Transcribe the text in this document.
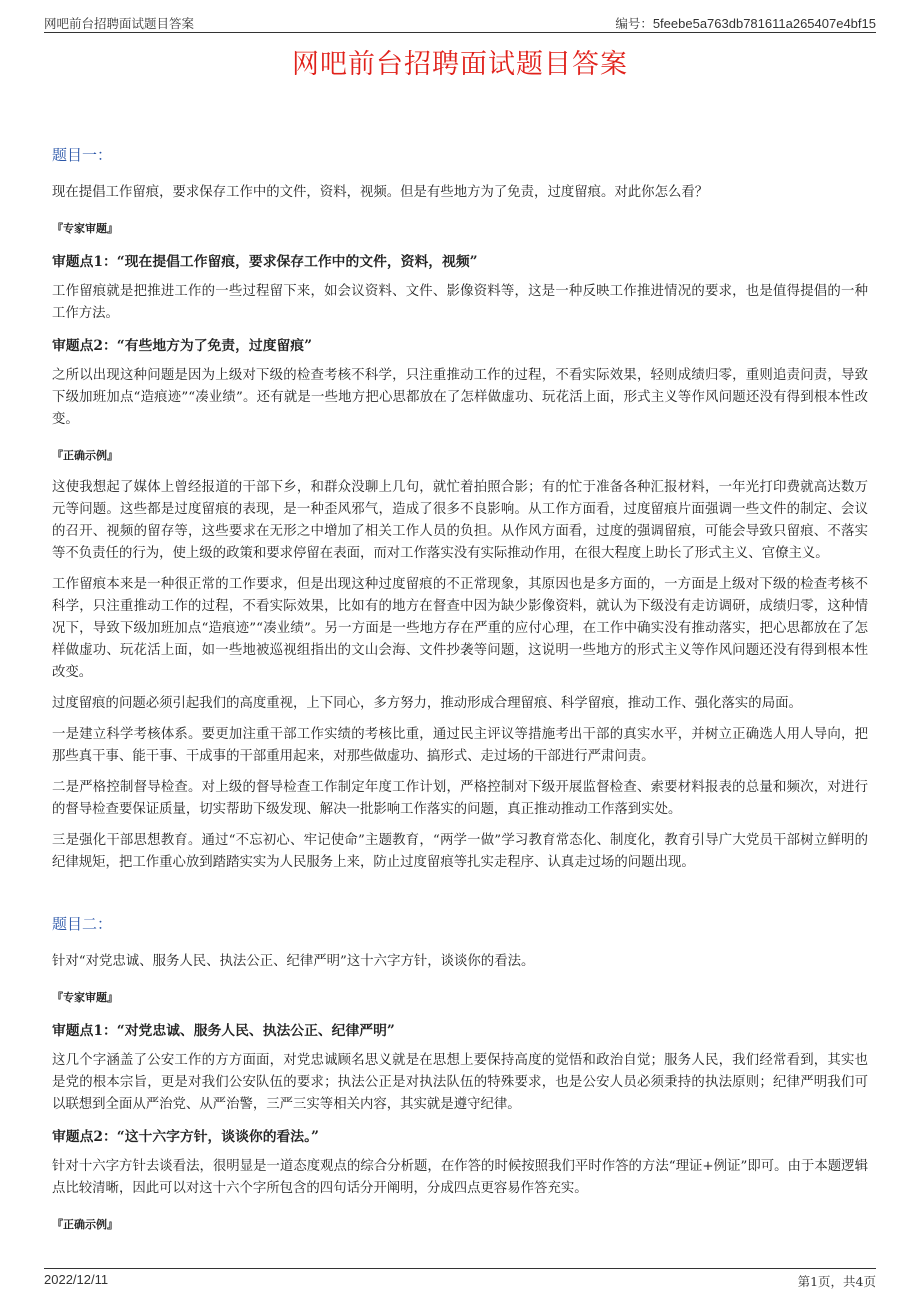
网吧前台招聘面试题目答案	编号：5feebe5a763db781611a265407e4bf15
网吧前台招聘面试题目答案
题目一：

现在提倡工作留痕，要求保存工作中的文件，资料，视频。但是有些地方为了免责，过度留痕。对此你怎么看？

『专家审题』
审题点1：“现在提倡工作留痕，要求保存工作中的文件，资料，视频”

工作留痕就是把推进工作的一些过程留下来，如会议资料、文件、影像资料等，这是一种反映工作推进情况的要求，也是值得提倡的一种工作方法。

审题点2：“有些地方为了免责，过度留痕”

之所以出现这种问题是因为上级对下级的检查考核不科学，只注重推动工作的过程，不看实际效果，轻则成绩归零，重则追责问责，导致下级加班加点“造痕迹”“凑业绩”。还有就是一些地方把心思都放在了怎样做虚功、玩花活上面，形式主义等作风问题还没有得到根本性改变。

『正确示例』

这使我想起了媒体上曾经报道的干部下乡，和群众没聊上几句，就忙着拍照合影；有的忙于准备各种汇报材料，一年光打印费就高达数万元等问题。这些都是过度留痕的表现，是一种歪风邪气，造成了很多不良影响。从工作方面看，过度留痕片面强调一些文件的制定、会议的召开、视频的留存等，这些要求在无形之中增加了相关工作人员的负担。从作风方面看，过度的强调留痕，可能会导致只留痕、不落实等不负责任的行为，使上级的政策和要求停留在表面，而对工作落实没有实际推动作用，在很大程度上助长了形式主义、官僚主义。

工作留痕本来是一种很正常的工作要求，但是出现这种过度留痕的不正常现象，其原因也是多方面的，一方面是上级对下级的检查考核不科学，只注重推动工作的过程，不看实际效果，比如有的地方在督查中因为缺少影像资料，就认为下级没有走访调研，成绩归零，这种情况下，导致下级加班加点“造痕迹”“凑业绩”。另一方面是一些地方存在严重的应付心理，在工作中确实没有推动落实，把心思都放在了怎样做虚功、玩花活上面，如一些地被巡视组指出的文山会海、文件抄袭等问题，这说明一些地方的形式主义等作风问题还没有得到根本性改变。

过度留痕的问题必须引起我们的高度重视，上下同心，多方努力，推动形成合理留痕、科学留痕，推动工作、强化落实的局面。

一是建立科学考核体系。要更加注重干部工作实绩的考核比重，通过民主评议等措施考出干部的真实水平，并树立正确选人用人导向，把那些真干事、能干事、干成事的干部重用起来，对那些做虚功、搞形式、走过场的干部进行严肃问责。

二是严格控制督导检查。对上级的督导检查工作制定年度工作计划，严格控制对下级开展监督检查、索要材料报表的总量和频次，对进行的督导检查要保证质量，切实帮助下级发现、解决一批影响工作落实的问题，真正推动推动工作落到实处。

三是强化干部思想教育。通过“不忘初心、牢记使命”主题教育，“两学一做”学习教育常态化、制度化，教育引导广大党员干部树立鲜明的纪律规矩，把工作重心放到踏踏实实为人民服务上来，防止过度留痕等扎实走程序、认真走过场的问题出现。

题目二：

针对“对党忠诚、服务人民、执法公正、纪律严明”这十六字方针，谈谈你的看法。

『专家审题』
审题点1：“对党忠诚、服务人民、执法公正、纪律严明”

这几个字涵盖了公安工作的方方面面，对党忠诚顾名思义就是在思想上要保持高度的觉悟和政治自觉；服务人民，我们经常看到，其实也是党的根本宗旨，更是对我们公安队伍的要求；执法公正是对执法队伍的特殊要求，也是公安人员必须秉持的执法原则；纪律严明我们可以联想到全面从严治党、从严治警，三严三实等相关内容，其实就是遵守纪律。

审题点2：“这十六字方针，谈谈你的看法。”

针对十六字方针去谈看法，很明显是一道态度观点的综合分析题，在作答的时候按照我们平时作答的方法“理证+例证”即可。由于本题逻辑点比较清晰，因此可以对这十六个字所包含的四句话分开阐明，分成四点更容易作答充实。

『正确示例』
2022/12/11	第1页，共4页
